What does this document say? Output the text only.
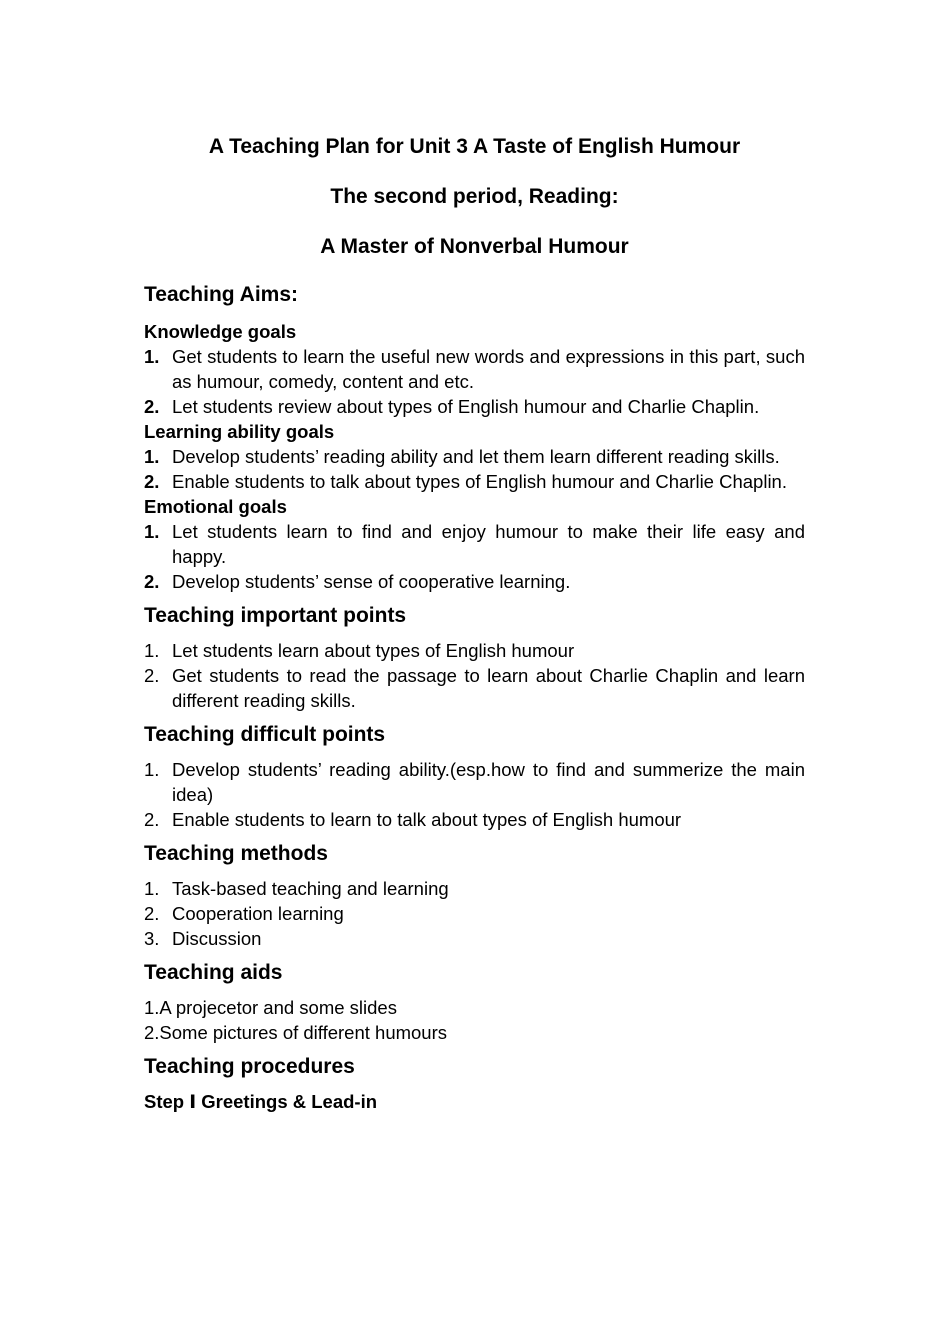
A Teaching Plan for Unit 3 A Taste of English Humour
The second period, Reading:
A Master of Nonverbal Humour
Teaching Aims:
Knowledge goals
1. Get students to learn the useful new words and expressions in this part, such as humour, comedy, content and etc.
2. Let students review about types of English humour and Charlie Chaplin.
Learning ability goals
1. Develop students’ reading ability and let them learn different reading skills.
2. Enable students to talk about types of English humour and Charlie Chaplin.
Emotional goals
1. Let students learn to find and enjoy humour to make their life easy and happy.
2. Develop students’ sense of cooperative learning.
Teaching important points
1. Let students learn about types of English humour
2. Get students to read the passage to learn about Charlie Chaplin and learn different reading skills.
Teaching difficult points
1. Develop students’ reading ability.(esp.how to find and summerize the main idea)
2. Enable students to learn to talk about types of English humour
Teaching methods
1. Task-based teaching and learning
2. Cooperation learning
3. Discussion
Teaching aids
1.A projecetor and some slides
2.Some pictures of different humours
Teaching procedures
Step Ⅰ Greetings & Lead-in
